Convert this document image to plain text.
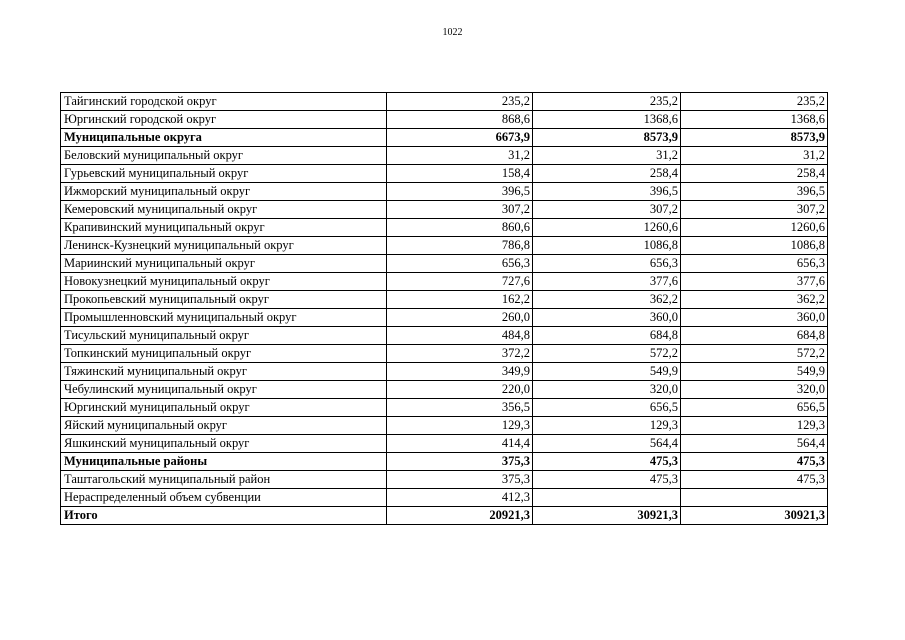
1022
Тайгинский городской округ	235,2	235,2	235,2
Юргинский городской округ	868,6	1368,6	1368,6
Муниципальные округа	6673,9	8573,9	8573,9
Беловский муниципальный округ	31,2	31,2	31,2
Гурьевский муниципальный округ	158,4	258,4	258,4
Ижморский муниципальный округ	396,5	396,5	396,5
Кемеровский муниципальный округ	307,2	307,2	307,2
Крапивинский муниципальный округ	860,6	1260,6	1260,6
Ленинск-Кузнецкий муниципальный округ	786,8	1086,8	1086,8
Мариинский муниципальный округ	656,3	656,3	656,3
Новокузнецкий муниципальный округ	727,6	377,6	377,6
Прокопьевский муниципальный округ	162,2	362,2	362,2
Промышленновский муниципальный округ	260,0	360,0	360,0
Тисульский муниципальный округ	484,8	684,8	684,8
Топкинский муниципальный округ	372,2	572,2	572,2
Тяжинский муниципальный округ	349,9	549,9	549,9
Чебулинский муниципальный округ	220,0	320,0	320,0
Юргинский муниципальный округ	356,5	656,5	656,5
Яйский муниципальный округ	129,3	129,3	129,3
Яшкинский муниципальный округ	414,4	564,4	564,4
Муниципальные районы	375,3	475,3	475,3
Таштагольский муниципальный район	375,3	475,3	475,3
Нераспределенный объем субвенции	412,3		
Итого	20921,3	30921,3	30921,3
